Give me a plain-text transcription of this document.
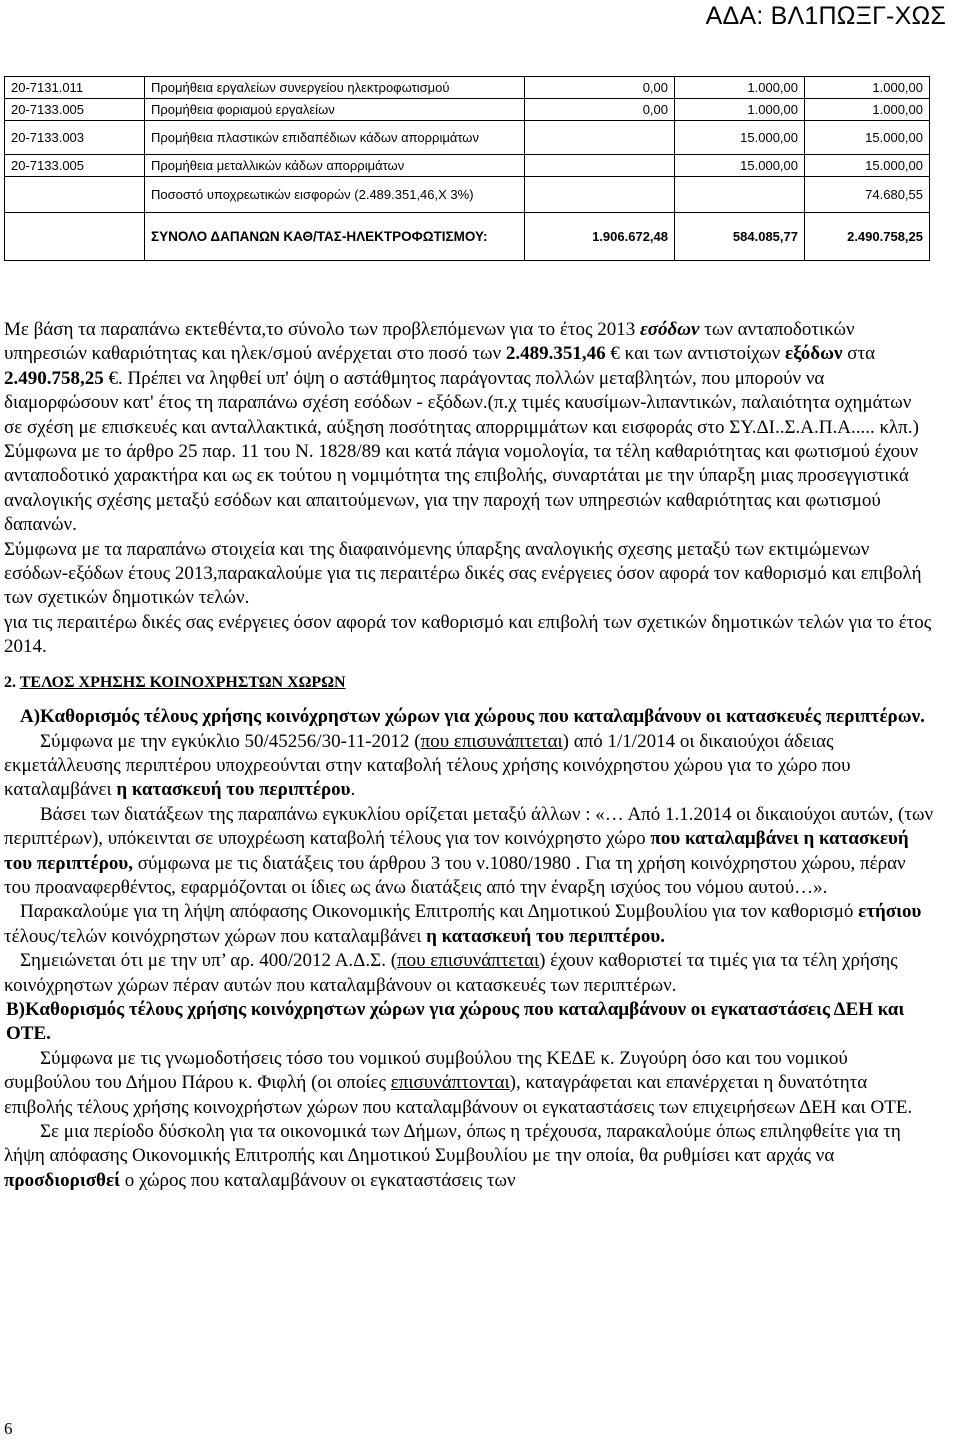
ΑΔΑ: ΒΛ1ΠΩΞΓ-ΧΩΣ
20-7131.011	Προμήθεια εργαλείων συνεργείου ηλεκτροφωτισμού	0,00	1.000,00	1.000,00
20-7133.005	Προμήθεια φοριαμού εργαλείων	0,00	1.000,00	1.000,00
20-7133.003	Προμήθεια πλαστικών επιδαπέδιων κάδων απορριμάτων		15.000,00	15.000,00
20-7133.005	Προμήθεια μεταλλικών κάδων απορριμάτων		15.000,00	15.000,00
	Ποσοστό υποχρεωτικών εισφορών (2.489.351,46,Χ 3%)			74.680,55
	ΣΥΝΟΛΟ ΔΑΠΑΝΩΝ ΚΑΘ/ΤΑΣ-ΗΛΕΚΤΡΟΦΩΤΙΣΜΟΥ:	1.906.672,48	584.085,77	2.490.758,25

Με βάση τα παραπάνω εκτεθέντα,το σύνολο των προβλεπόμενων για το έτος 2013 εσόδων των ανταποδοτικών υπηρεσιών καθαριότητας και ηλεκ/σμού ανέρχεται στο ποσό των 2.489.351,46 € και των αντιστοίχων εξόδων στα 2.490.758,25 €. Πρέπει να ληφθεί υπ' όψη ο αστάθμητος παράγοντας πολλών μεταβλητών, που μπορούν να διαμορφώσουν κατ' έτος τη παραπάνω σχέση εσόδων - εξόδων.(π.χ τιμές καυσίμων-λιπαντικών, παλαιότητα οχημάτων σε σχέση με επισκευές και ανταλλακτικά, αύξηση ποσότητας απορριμμάτων και εισφοράς στο ΣΥ.ΔΙ..Σ.Α.Π.Α..... κλπ.)

Σύμφωνα με το άρθρο 25 παρ. 11 του Ν. 1828/89 και κατά πάγια νομολογία, τα τέλη καθαριότητας και φωτισμού έχουν ανταποδοτικό χαρακτήρα και ως εκ τούτου η νομιμότητα της επιβολής, συναρτάται με την ύπαρξη μιας προσεγγιστικά αναλογικής σχέσης μεταξύ εσόδων και απαιτούμενων, για την παροχή των υπηρεσιών καθαριότητας και φωτισμού δαπανών.

Σύμφωνα με τα παραπάνω στοιχεία και της διαφαινόμενης ύπαρξης αναλογικής σχεσης μεταξύ των εκτιμώμενων εσόδων-εξόδων έτους 2013,παρακαλούμε για τις περαιτέρω δικές σας ενέργειες όσον αφορά τον καθορισμό και επιβολή των σχετικών δημοτικών τελών.

για τις περαιτέρω δικές σας ενέργειες όσον αφορά τον καθορισμό και επιβολή των σχετικών δημοτικών τελών για το έτος 2014.

2. ΤΕΛΟΣ ΧΡΗΣΗΣ ΚΟΙΝΟΧΡΗΣΤΩΝ ΧΩΡΩΝ

Α)Καθορισμός τέλους χρήσης κοινόχρηστων χώρων για χώρους που καταλαμβάνουν οι κατασκευές περιπτέρων.

Σύμφωνα με την εγκύκλιο 50/45256/30-11-2012 (που επισυνάπτεται) από 1/1/2014 οι δικαιούχοι άδειας εκμετάλλευσης περιπτέρου υποχρεούνται στην καταβολή τέλους χρήσης κοινόχρηστου χώρου για το χώρο που καταλαμβάνει η κατασκευή του περιπτέρου.

Βάσει των διατάξεων της παραπάνω εγκυκλίου ορίζεται μεταξύ άλλων : «… Από 1.1.2014 οι δικαιούχοι αυτών, (των περιπτέρων), υπόκεινται σε υποχρέωση καταβολή τέλους για τον κοινόχρηστο χώρο που καταλαμβάνει η κατασκευή του περιπτέρου, σύμφωνα με τις διατάξεις του άρθρου 3 του ν.1080/1980 . Για τη χρήση κοινόχρηστου χώρου, πέραν του προαναφερθέντος, εφαρμόζονται οι ίδιες ως άνω διατάξεις από την έναρξη ισχύος του νόμου αυτού…».

Παρακαλούμε για τη λήψη απόφασης Οικονομικής Επιτροπής και Δημοτικού Συμβουλίου για τον καθορισμό ετήσιου τέλους/τελών κοινόχρηστων χώρων που καταλαμβάνει η κατασκευή του περιπτέρου.

Σημειώνεται ότι με την υπ’ αρ. 400/2012 Α.Δ.Σ. (που επισυνάπτεται) έχουν καθοριστεί τα τιμές για τα τέλη χρήσης κοινόχρηστων χώρων πέραν αυτών που καταλαμβάνουν οι κατασκευές των περιπτέρων.

Β)Καθορισμός τέλους χρήσης κοινόχρηστων χώρων για χώρους που καταλαμβάνουν οι εγκαταστάσεις ΔΕΗ και ΟΤΕ.

Σύμφωνα με τις γνωμοδοτήσεις τόσο του νομικού συμβούλου της ΚΕΔΕ κ. Ζυγούρη όσο και του νομικού συμβούλου του Δήμου Πάρου κ. Φιφλή (οι οποίες επισυνάπτονται), καταγράφεται και επανέρχεται η δυνατότητα επιβολής τέλους χρήσης κοινοχρήστων χώρων που καταλαμβάνουν οι εγκαταστάσεις των επιχειρήσεων ΔΕΗ και ΟΤΕ.

Σε μια περίοδο δύσκολη για τα οικονομικά των Δήμων, όπως η τρέχουσα, παρακαλούμε όπως επιληφθείτε για τη λήψη απόφασης Οικονομικής Επιτροπής και Δημοτικού Συμβουλίου με την οποία, θα ρυθμίσει κατ αρχάς να προσδιορισθεί ο χώρος που καταλαμβάνουν οι εγκαταστάσεις των

6
